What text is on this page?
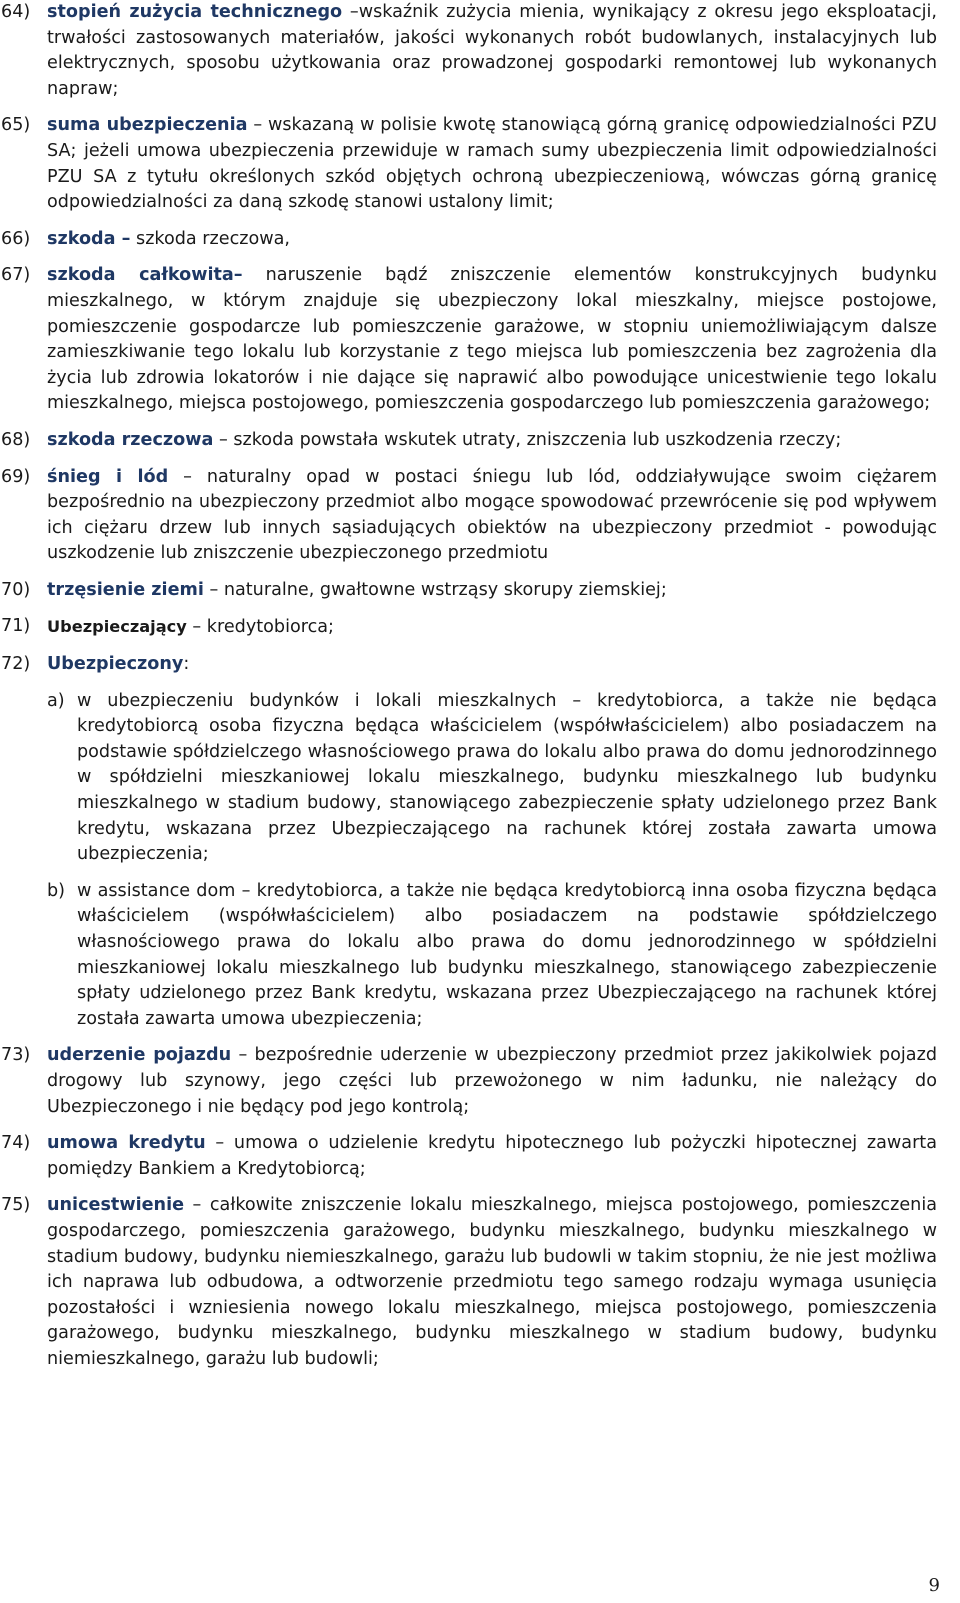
64) stopień zużycia technicznego –wskaźnik zużycia mienia, wynikający z okresu jego eksploatacji, trwałości zastosowanych materiałów, jakości wykonanych robót budowlanych, instalacyjnych lub elektrycznych, sposobu użytkowania oraz prowadzonej gospodarki remontowej lub wykonanych napraw;

65) suma ubezpieczenia – wskazaną w polisie kwotę stanowiącą górną granicę odpowiedzialności PZU SA; jeżeli umowa ubezpieczenia przewiduje w ramach sumy ubezpieczenia limit odpowiedzialności PZU SA z tytułu określonych szkód objętych ochroną ubezpieczeniową, wówczas górną granicę odpowiedzialności za daną szkodę stanowi ustalony limit;

66) szkoda – szkoda rzeczowa,

67) szkoda całkowita– naruszenie bądź zniszczenie elementów konstrukcyjnych budynku mieszkalnego, w którym znajduje się ubezpieczony lokal mieszkalny, miejsce postojowe, pomieszczenie gospodarcze lub pomieszczenie garażowe, w stopniu uniemożliwiającym dalsze zamieszkiwanie tego lokalu lub korzystanie z tego miejsca lub pomieszczenia bez zagrożenia dla życia lub zdrowia lokatorów i nie dające się naprawić albo powodujące unicestwienie tego lokalu mieszkalnego, miejsca postojowego, pomieszczenia gospodarczego lub pomieszczenia garażowego;

68) szkoda rzeczowa – szkoda powstała wskutek utraty, zniszczenia lub uszkodzenia rzeczy;

69) śnieg i lód – naturalny opad w postaci śniegu lub lód, oddziaływujące swoim ciężarem bezpośrednio na ubezpieczony przedmiot albo mogące spowodować przewrócenie się pod wpływem ich ciężaru drzew lub innych sąsiadujących obiektów na ubezpieczony przedmiot - powodując uszkodzenie lub zniszczenie ubezpieczonego przedmiotu

70) trzęsienie ziemi – naturalne, gwałtowne wstrząsy skorupy ziemskiej;

71) Ubezpieczający – kredytobiorca;

72) Ubezpieczony:
a) w ubezpieczeniu budynków i lokali mieszkalnych – kredytobiorca, a także nie będąca kredytobiorcą osoba fizyczna będąca właścicielem (współwłaścicielem) albo posiadaczem na podstawie spółdzielczego własnościowego prawa do lokalu albo prawa do domu jednorodzinnego w spółdzielni mieszkaniowej lokalu mieszkalnego, budynku mieszkalnego lub budynku mieszkalnego w stadium budowy, stanowiącego zabezpieczenie spłaty udzielonego przez Bank kredytu, wskazana przez Ubezpieczającego na rachunek której została zawarta umowa ubezpieczenia;
b) w assistance dom – kredytobiorca, a także nie będąca kredytobiorcą inna osoba fizyczna będąca właścicielem (współwłaścicielem) albo posiadaczem na podstawie spółdzielczego własnościowego prawa do lokalu albo prawa do domu jednorodzinnego w spółdzielni mieszkaniowej lokalu mieszkalnego lub budynku mieszkalnego, stanowiącego zabezpieczenie spłaty udzielonego przez Bank kredytu, wskazana przez Ubezpieczającego na rachunek której została zawarta umowa ubezpieczenia;

73) uderzenie pojazdu – bezpośrednie uderzenie w ubezpieczony przedmiot przez jakikolwiek pojazd drogowy lub szynowy, jego części lub przewożonego w nim ładunku, nie należący do Ubezpieczonego i nie będący pod jego kontrolą;

74) umowa kredytu – umowa o udzielenie kredytu hipotecznego lub pożyczki hipotecznej zawarta pomiędzy Bankiem a Kredytobiorcą;

75) unicestwienie – całkowite zniszczenie lokalu mieszkalnego, miejsca postojowego, pomieszczenia gospodarczego, pomieszczenia garażowego, budynku mieszkalnego, budynku mieszkalnego w stadium budowy, budynku niemieszkalnego, garażu lub budowli w takim stopniu, że nie jest możliwa ich naprawa lub odbudowa, a odtworzenie przedmiotu tego samego rodzaju wymaga usunięcia pozostałości i wzniesienia nowego lokalu mieszkalnego, miejsca postojowego, pomieszczenia garażowego, budynku mieszkalnego, budynku mieszkalnego w stadium budowy, budynku niemieszkalnego, garażu lub budowli;

9
